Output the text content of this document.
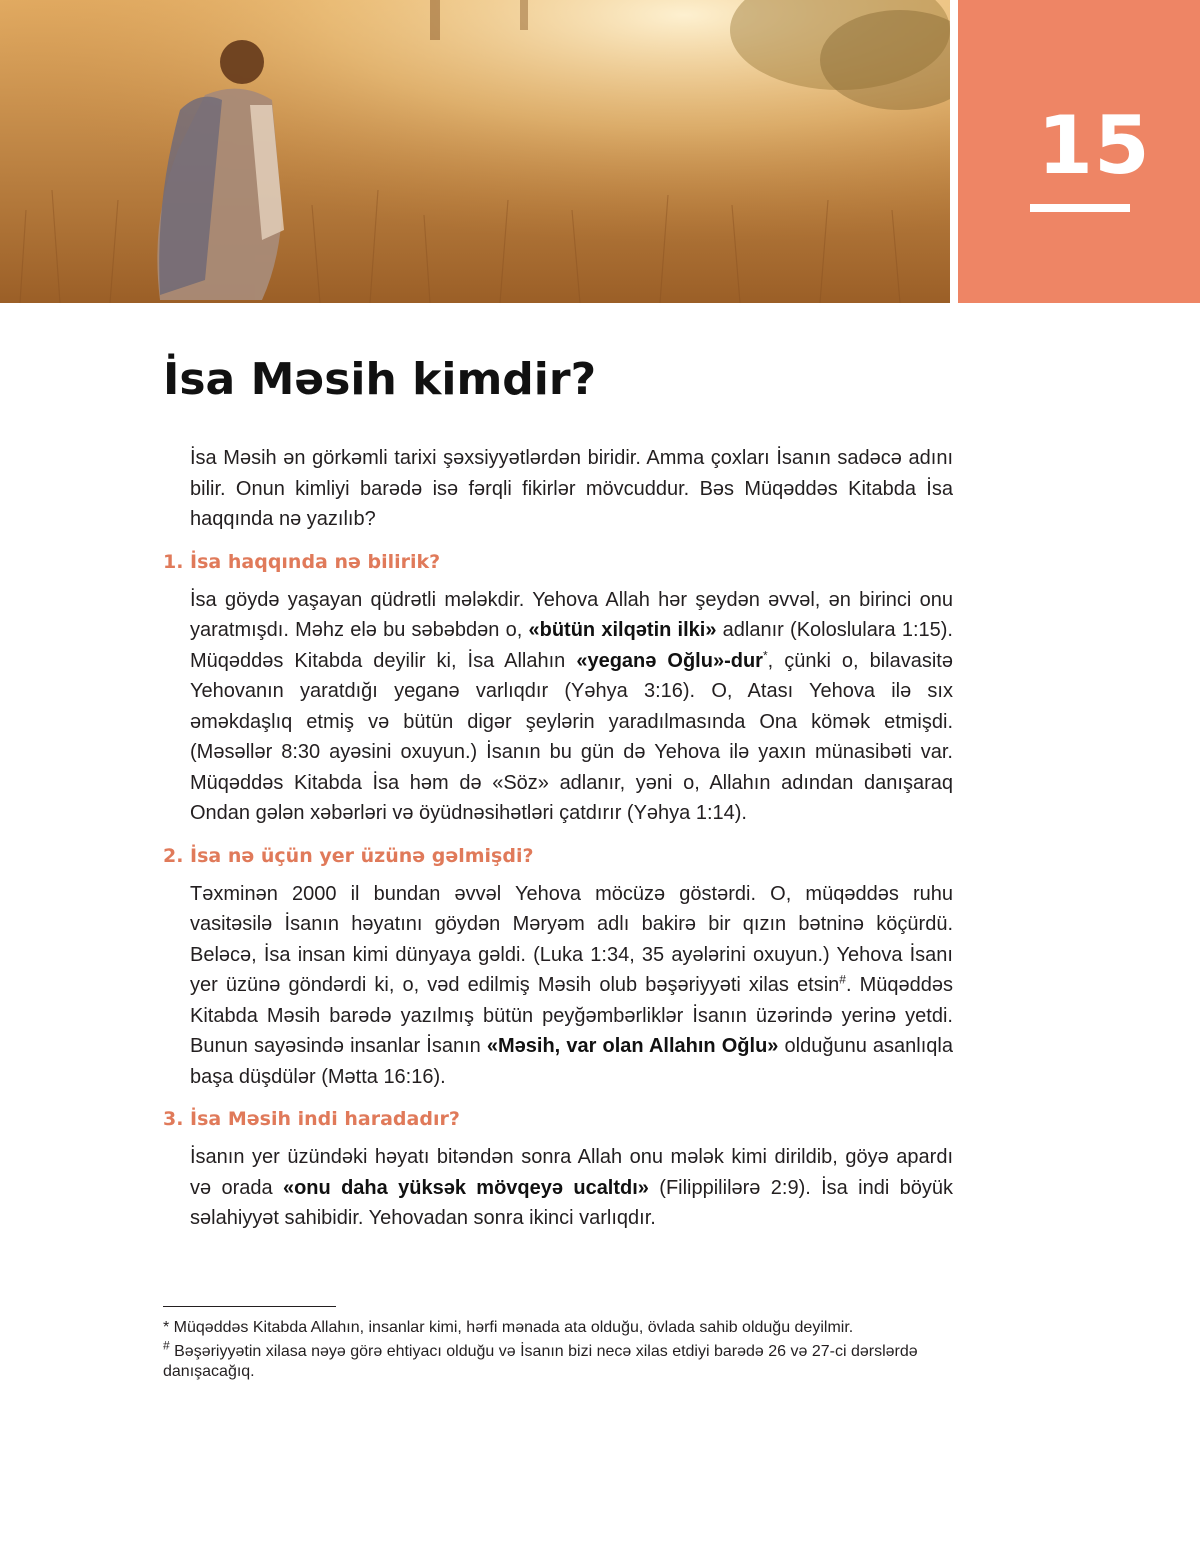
15
İsa Məsih kimdir?

İsa Məsih ən görkəmli tarixi şəxsiyyətlərdən biridir. Amma çoxları İsanın sadəcə adını bilir. Onun kimliyi barədə isə fərqli fikirlər mövcuddur. Bəs Müqəddəs Kitabda İsa haqqında nə yazılıb?

1. İsa haqqında nə bilirik?

İsa göydə yaşayan qüdrətli mələkdir. Yehova Allah hər şeydən əvvəl, ən birinci onu yaratmışdı. Məhz elə bu səbəbdən o, «bütün xilqətin ilki» adlanır (Koloslulara 1:15). Müqəddəs Kitabda deyilir ki, İsa Allahın «yeganə Oğlu»-dur*, çünki o, bilavasitə Yehovanın yaratdığı yeganə varlıqdır (Yəhya 3:16). O, Atası Yehova ilə sıx əməkdaşlıq etmiş və bütün digər şeylərin yaradılmasında Ona kömək etmişdi. (Məsəllər 8:30 ayəsini oxuyun.) İsanın bu gün də Yehova ilə yaxın münasibəti var. Müqəddəs Kitabda İsa həm də «Söz» adlanır, yəni o, Allahın adından danışaraq Ondan gələn xəbərləri və öyüdnəsihətləri çatdırır (Yəhya 1:14).

2. İsa nə üçün yer üzünə gəlmişdi?

Təxminən 2000 il bundan əvvəl Yehova möcüzə göstərdi. O, müqəddəs ruhu vasitəsilə İsanın həyatını göydən Məryəm adlı bakirə bir qızın bətninə köçürdü. Beləcə, İsa insan kimi dünyaya gəldi. (Luka 1:34, 35 ayələrini oxuyun.) Yehova İsanı yer üzünə göndərdi ki, o, vəd edilmiş Məsih olub bəşəriyyəti xilas etsin#. Müqəddəs Kitabda Məsih barədə yazılmış bütün peyğəmbərliklər İsanın üzərində yerinə yetdi. Bunun sayəsində insanlar İsanın «Məsih, var olan Allahın Oğlu» olduğunu asanlıqla başa düşdülər (Mətta 16:16).

3. İsa Məsih indi haradadır?

İsanın yer üzündəki həyatı bitəndən sonra Allah onu mələk kimi dirildib, göyə apardı və orada «onu daha yüksək mövqeyə ucaltdı» (Filippililərə 2:9). İsa indi böyük səlahiyyət sahibidir. Yehovadan sonra ikinci varlıqdır.

* Müqəddəs Kitabda Allahın, insanlar kimi, hərfi mənada ata olduğu, övlada sahib olduğu deyilmir.

# Bəşəriyyətin xilasa nəyə görə ehtiyacı olduğu və İsanın bizi necə xilas etdiyi barədə 26 və 27-ci dərslərdə danışacağıq.
